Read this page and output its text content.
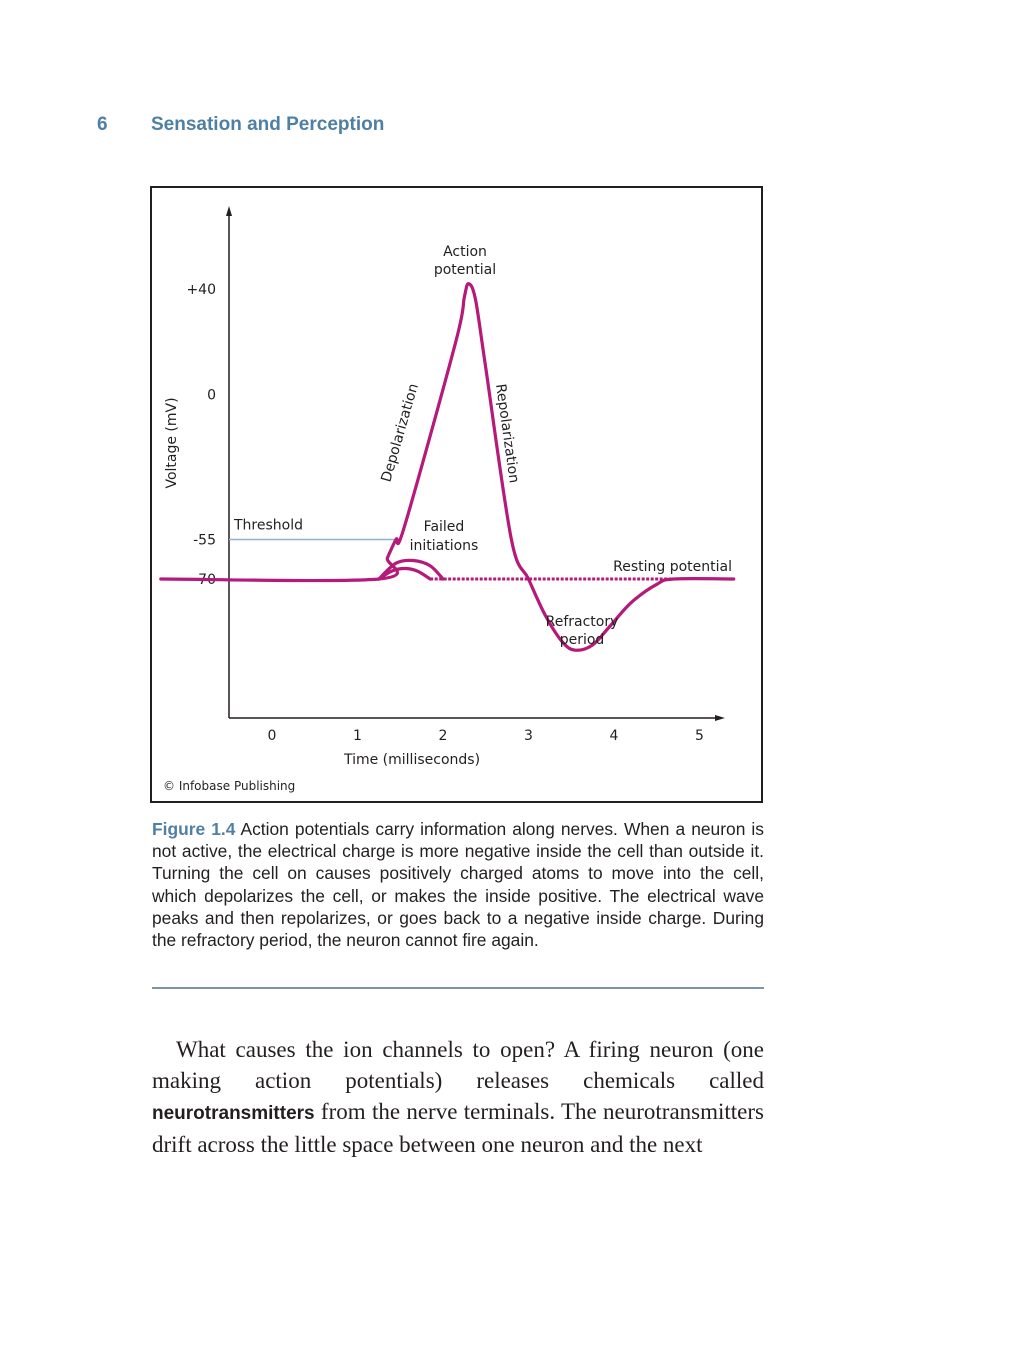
6 Sensation and Perception
0	1	2	3	4	5
+40
0
-55
-70
Time (milliseconds)
Voltage (mV)
Threshold
Resting potential
Action
potential
Depolarization	Repolarization
Failed
initiations
Refractory
period
© Infobase Publishing
Figure 1.4 Action potentials carry information along nerves. When a neuron is not active, the electrical charge is more negative inside the cell than outside it. Turning the cell on causes positively charged atoms to move into the cell, which depolarizes the cell, or makes the inside positive. The electrical wave peaks and then repolarizes, or goes back to a negative inside charge. During the refractory period, the neuron cannot fire again.
What causes the ion channels to open? A firing neuron (one making action potentials) releases chemicals called neurotransmitters from the nerve terminals. The neurotransmitters drift across the little space between one neuron and the next
